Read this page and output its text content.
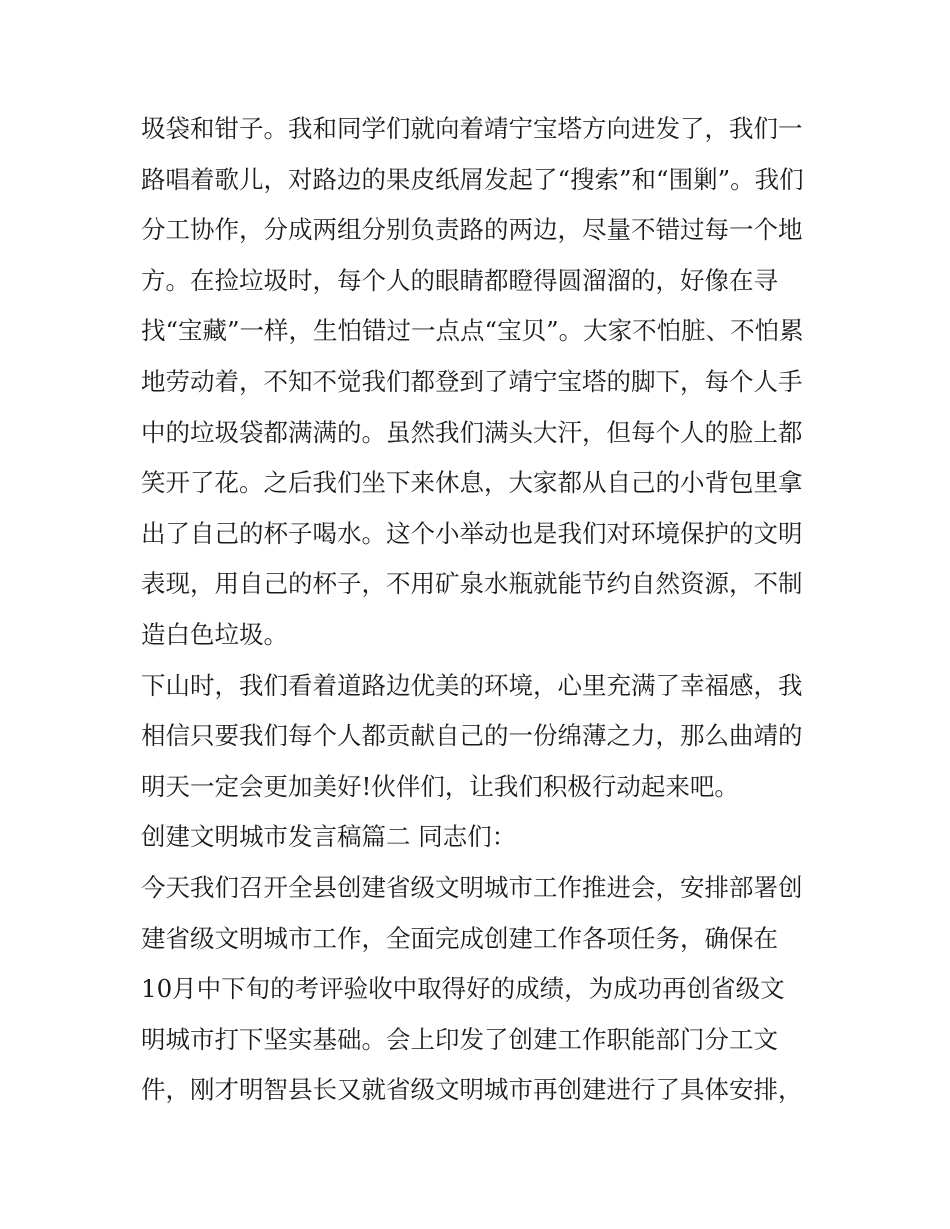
圾袋和钳子。我和同学们就向着靖宁宝塔方向进发了，我们一
路唱着歌儿，对路边的果皮纸屑发起了“搜索”和“围剿”。我们
分工协作，分成两组分别负责路的两边，尽量不错过每一个地
方。在捡垃圾时，每个人的眼睛都瞪得圆溜溜的，好像在寻
找“宝藏”一样，生怕错过一点点“宝贝”。大家不怕脏、不怕累
地劳动着，不知不觉我们都登到了靖宁宝塔的脚下，每个人手
中的垃圾袋都满满的。虽然我们满头大汗，但每个人的脸上都
笑开了花。之后我们坐下来休息，大家都从自己的小背包里拿
出了自己的杯子喝水。这个小举动也是我们对环境保护的文明
表现，用自己的杯子，不用矿泉水瓶就能节约自然资源，不制
造白色垃圾。
下山时，我们看着道路边优美的环境，心里充满了幸福感，我
相信只要我们每个人都贡献自己的一份绵薄之力，那么曲靖的
明天一定会更加美好!伙伴们，让我们积极行动起来吧。
创建文明城市发言稿篇二 同志们：
今天我们召开全县创建省级文明城市工作推进会，安排部署创
建省级文明城市工作，全面完成创建工作各项任务，确保在
10月中下旬的考评验收中取得好的成绩，为成功再创省级文
明城市打下坚实基础。会上印发了创建工作职能部门分工文
件，刚才明智县长又就省级文明城市再创建进行了具体安排，
